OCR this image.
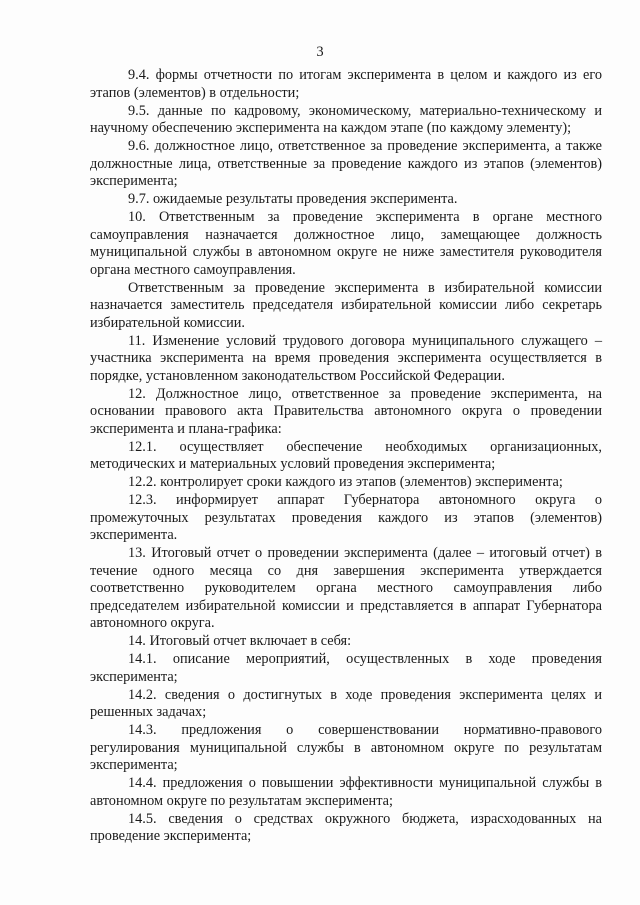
3

9.4. формы отчетности по итогам эксперимента в целом и каждого из его этапов (элементов) в отдельности;

9.5. данные по кадровому, экономическому, материально-техническому и научному обеспечению эксперимента на каждом этапе (по каждому элементу);

9.6. должностное лицо, ответственное за проведение эксперимента, а также должностные лица, ответственные за проведение каждого из этапов (элементов) эксперимента;

9.7. ожидаемые результаты проведения эксперимента.

10. Ответственным за проведение эксперимента в органе местного самоуправления назначается должностное лицо, замещающее должность муниципальной службы в автономном округе не ниже заместителя руководителя органа местного самоуправления.

Ответственным за проведение эксперимента в избирательной комиссии назначается заместитель председателя избирательной комиссии либо секретарь избирательной комиссии.

11. Изменение условий трудового договора муниципального служащего – участника эксперимента на время проведения эксперимента осуществляется в порядке, установленном законодательством Российской Федерации.

12. Должностное лицо, ответственное за проведение эксперимента, на основании правового акта Правительства автономного округа о проведении эксперимента и плана-графика:

12.1. осуществляет обеспечение необходимых организационных, методических и материальных условий проведения эксперимента;

12.2. контролирует сроки каждого из этапов (элементов) эксперимента;

12.3. информирует аппарат Губернатора автономного округа о промежуточных результатах проведения каждого из этапов (элементов) эксперимента.

13. Итоговый отчет о проведении эксперимента (далее – итоговый отчет) в течение одного месяца со дня завершения эксперимента утверждается соответственно руководителем органа местного самоуправления либо председателем избирательной комиссии и представляется в аппарат Губернатора автономного округа.

14. Итоговый отчет включает в себя:

14.1. описание мероприятий, осуществленных в ходе проведения эксперимента;

14.2. сведения о достигнутых в ходе проведения эксперимента целях и решенных задачах;

14.3. предложения о совершенствовании нормативно-правового регулирования муниципальной службы в автономном округе по результатам эксперимента;

14.4. предложения о повышении эффективности муниципальной службы в автономном округе по результатам эксперимента;

14.5. сведения о средствах окружного бюджета, израсходованных на проведение эксперимента;
